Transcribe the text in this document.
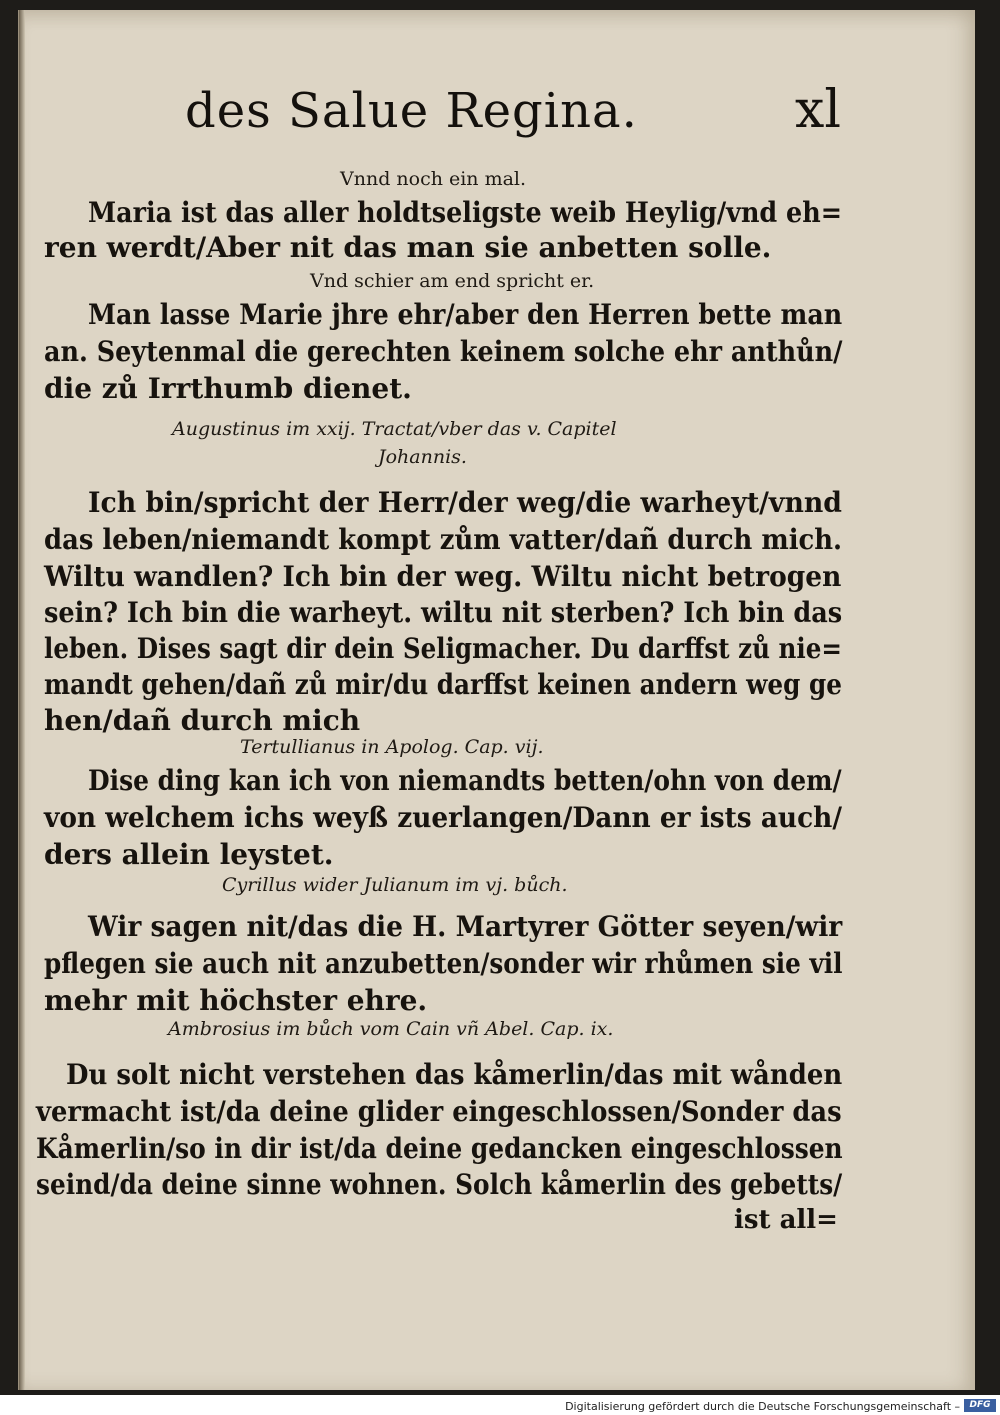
des Salue Regina.	xl
Vnnd noch ein mal.
Maria ist das aller holdtseligste weib Heylig/vnd eh=
ren werdt/Aber nit das man sie anbetten solle.
Vnd schier am end spricht er.
Man lasse Marie jhre ehr/aber den Herren bette man
an. Seytenmal die gerechten keinem solche ehr anthůn/
die zů Irrthumb dienet.
Augustinus im xxij. Tractat/vber das v. Capitel
Johannis.
Ich bin/spricht der Herr/der weg/die warheyt/vnnd
das leben/niemandt kompt zům vatter/dañ durch mich.
Wiltu wandlen? Ich bin der weg. Wiltu nicht betrogen
sein? Ich bin die warheyt. wiltu nit sterben? Ich bin das
leben. Dises sagt dir dein Seligmacher. Du darffst zů nie=
mandt gehen/dañ zů mir/du darffst keinen andern weg ge
hen/dañ durch mich
Tertullianus in Apolog. Cap. vij.
Dise ding kan ich von niemandts betten/ohn von dem/
von welchem ichs weyß zuerlangen/Dann er ists auch/
ders allein leystet.
Cyrillus wider Julianum im vj. bůch.
Wir sagen nit/das die H. Martyrer Götter seyen/wir
pflegen sie auch nit anzubetten/sonder wir rhůmen sie vil
mehr mit höchster ehre.
Ambrosius im bůch vom Cain vñ Abel. Cap. ix.
Du solt nicht verstehen das kåmerlin/das mit wånden
vermacht ist/da deine glider eingeschlossen/Sonder das
Kåmerlin/so in dir ist/da deine gedancken eingeschlossen
seind/da deine sinne wohnen. Solch kåmerlin des gebetts/
ist all=
Digitalisierung gefördert durch die Deutsche Forschungsgemeinschaft –	DFG
